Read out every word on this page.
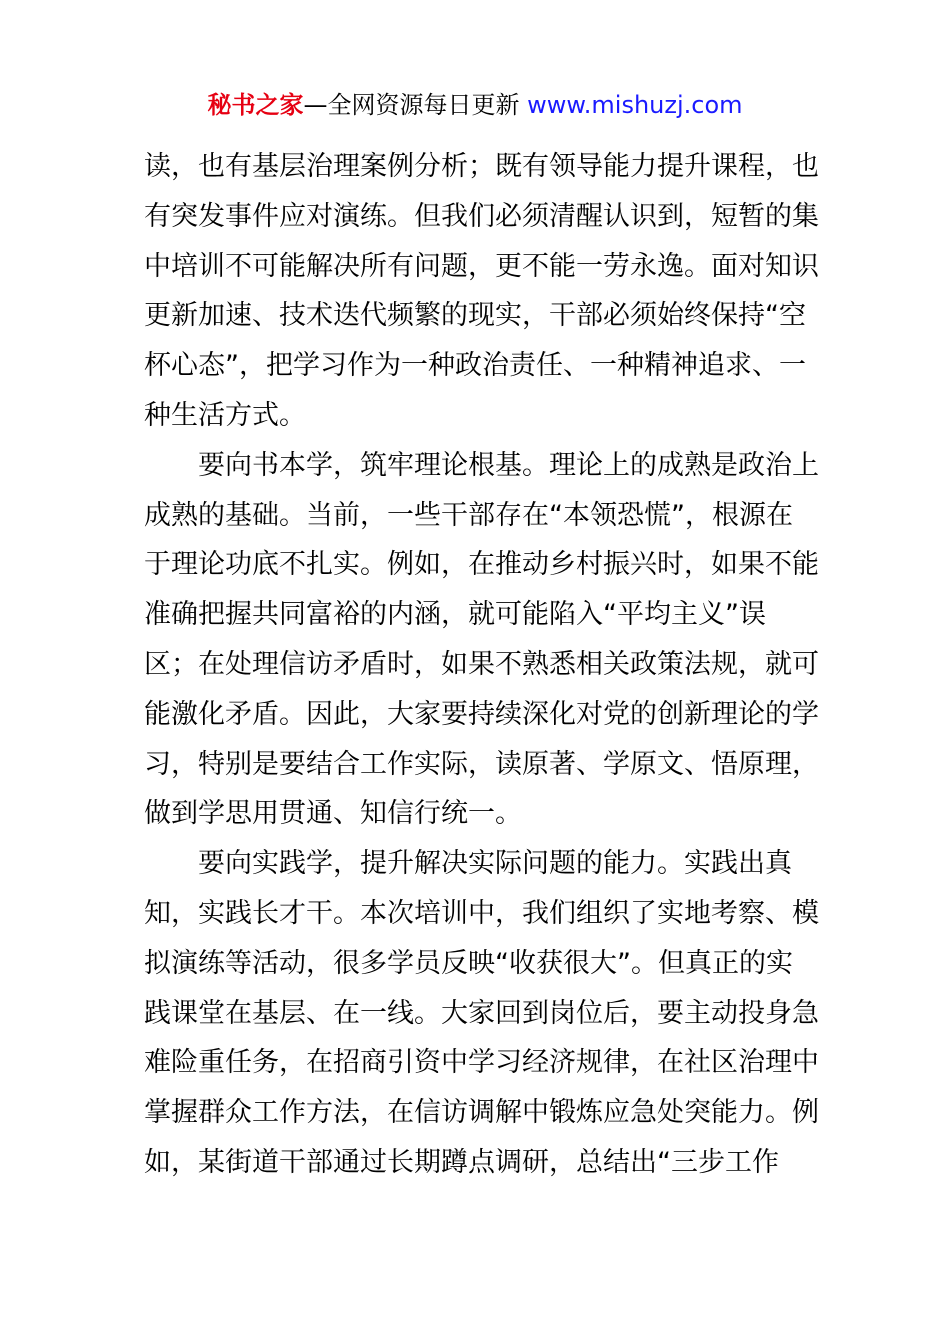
秘书之家—全网资源每日更新 www.mishuzj.com
读，也有基层治理案例分析；既有领导能力提升课程，也
有突发事件应对演练。但我们必须清醒认识到，短暂的集
中培训不可能解决所有问题，更不能一劳永逸。面对知识
更新加速、技术迭代频繁的现实，干部必须始终保持“空
杯心态”，把学习作为一种政治责任、一种精神追求、一
种生活方式。
要向书本学，筑牢理论根基。理论上的成熟是政治上
成熟的基础。当前，一些干部存在“本领恐慌”，根源在
于理论功底不扎实。例如，在推动乡村振兴时，如果不能
准确把握共同富裕的内涵，就可能陷入“平均主义”误
区；在处理信访矛盾时，如果不熟悉相关政策法规，就可
能激化矛盾。因此，大家要持续深化对党的创新理论的学
习，特别是要结合工作实际，读原著、学原文、悟原理，
做到学思用贯通、知信行统一。
要向实践学，提升解决实际问题的能力。实践出真
知，实践长才干。本次培训中，我们组织了实地考察、模
拟演练等活动，很多学员反映“收获很大”。但真正的实
践课堂在基层、在一线。大家回到岗位后，要主动投身急
难险重任务，在招商引资中学习经济规律，在社区治理中
掌握群众工作方法，在信访调解中锻炼应急处突能力。例
如，某街道干部通过长期蹲点调研，总结出“三步工作
